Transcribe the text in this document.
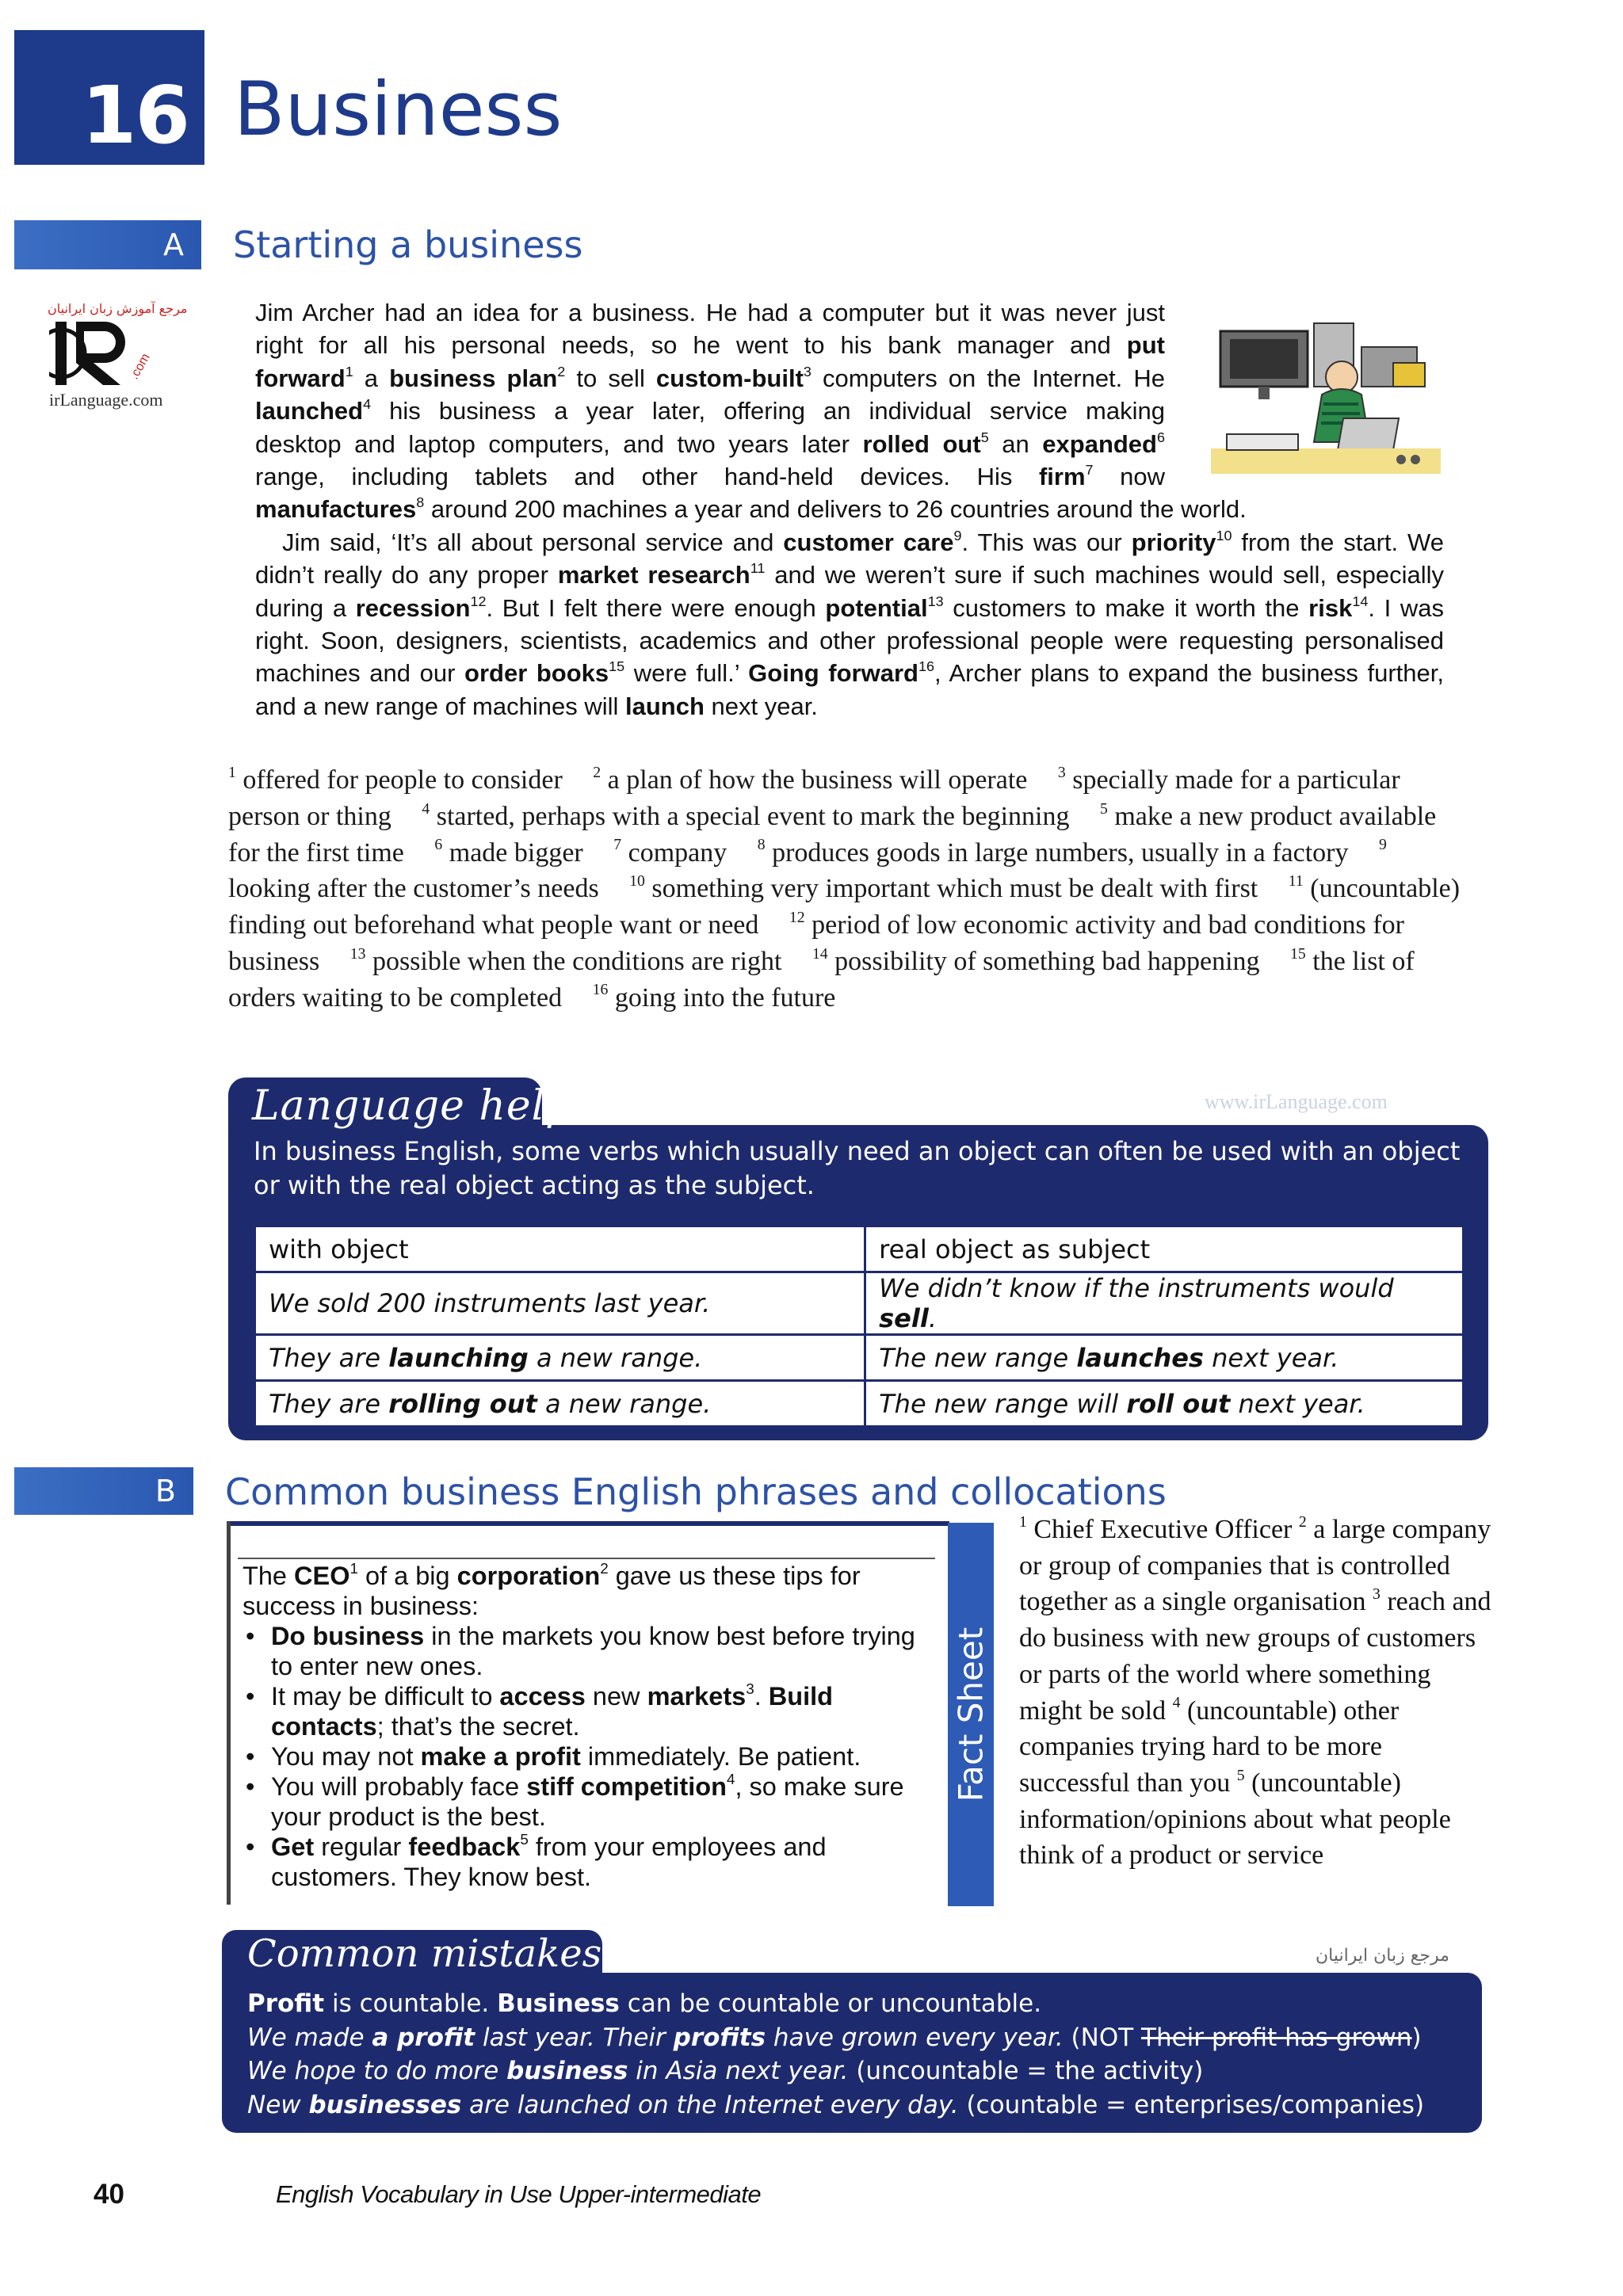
16 Business
A Starting a business
مرجع آموزش زبان ایرانیان
.com
irLanguage.com

Jim Archer had an idea for a business. He had a computer but it was never just
right for all his personal needs, so he went to his bank manager and put
forward$^1$ a business plan$^2$ to sell custom-built$^3$ computers on the Internet. He
launched$^4$ his business a year later, offering an individual service making
desktop and laptop computers, and two years later rolled out$^5$ an expanded$^6$
range, including tablets and other hand-held devices. His firm$^7$ now
manufactures$^8$ around 200 machines a year and delivers to 26 countries around the world.

Jim said, ‘It’s all about personal service and customer care$^9$. This was our priority$^{10}$ from the start. We didn’t really do any proper market research$^{11}$ and we weren’t sure if such machines would sell, especially during a recession$^{12}$. But I felt there were enough potential$^{13}$ customers to make it worth the risk$^{14}$. I was right. Soon, designers, scientists, academics and other professional people were requesting personalised machines and our order books$^{15}$ were full.’ Going forward$^{16}$, Archer plans to expand the business further, and a new range of machines will launch next year.

$^1$ offered for people to consider $^2$ a plan of how the business will operate $^3$ specially made for a particular person or thing $^4$ started, perhaps with a special event to mark the beginning $^5$ make a new product available for the first time $^6$ made bigger $^7$ company $^8$ produces goods in large numbers, usually in a factory $^9$ looking after the customer’s needs $^{10}$ something very important which must be dealt with first $^{11}$ (uncountable) finding out beforehand what people want or need $^{12}$ period of low economic activity and bad conditions for business $^{13}$ possible when the conditions are right $^{14}$ possibility of something bad happening $^{15}$ the list of orders waiting to be completed $^{16}$ going into the future
Language help	www.irLanguage.com
In business English, some verbs which usually need an object can often be used with an object or with the real object acting as the subject.
with object	real object as subject
We sold 200 instruments last year.	We didn’t know if the instruments would sell.
They are launching a new range.	The new range launches next year.
They are rolling out a new range.	The new range will roll out next year.
B Common business English phrases and collocations
Fact Sheet
The CEO$^1$ of a big corporation$^2$ gave us these tips for success in business:
• Do business in the markets you know best before trying to enter new ones.
• It may be difficult to access new markets$^3$. Build contacts; that’s the secret.
• You may not make a profit immediately. Be patient.
• You will probably face stiff competition$^4$, so make sure your product is the best.
• Get regular feedback$^5$ from your employees and customers. They know best.
$^1$ Chief Executive Officer $^2$ a large company or group of companies that is controlled together as a single organisation $^3$ reach and do business with new groups of customers or parts of the world where something might be sold $^4$ (uncountable) other companies trying hard to be more successful than you $^5$ (uncountable) information/opinions about what people think of a product or service
Common mistakes	مرجع زبان ایرانیان
Profit is countable. Business can be countable or uncountable.
We made a profit last year. Their profits have grown every year. (NOT Their profit has grown)
We hope to do more business in Asia next year. (uncountable = the activity)
New businesses are launched on the Internet every day. (countable = enterprises/companies)
40	English Vocabulary in Use Upper-intermediate
